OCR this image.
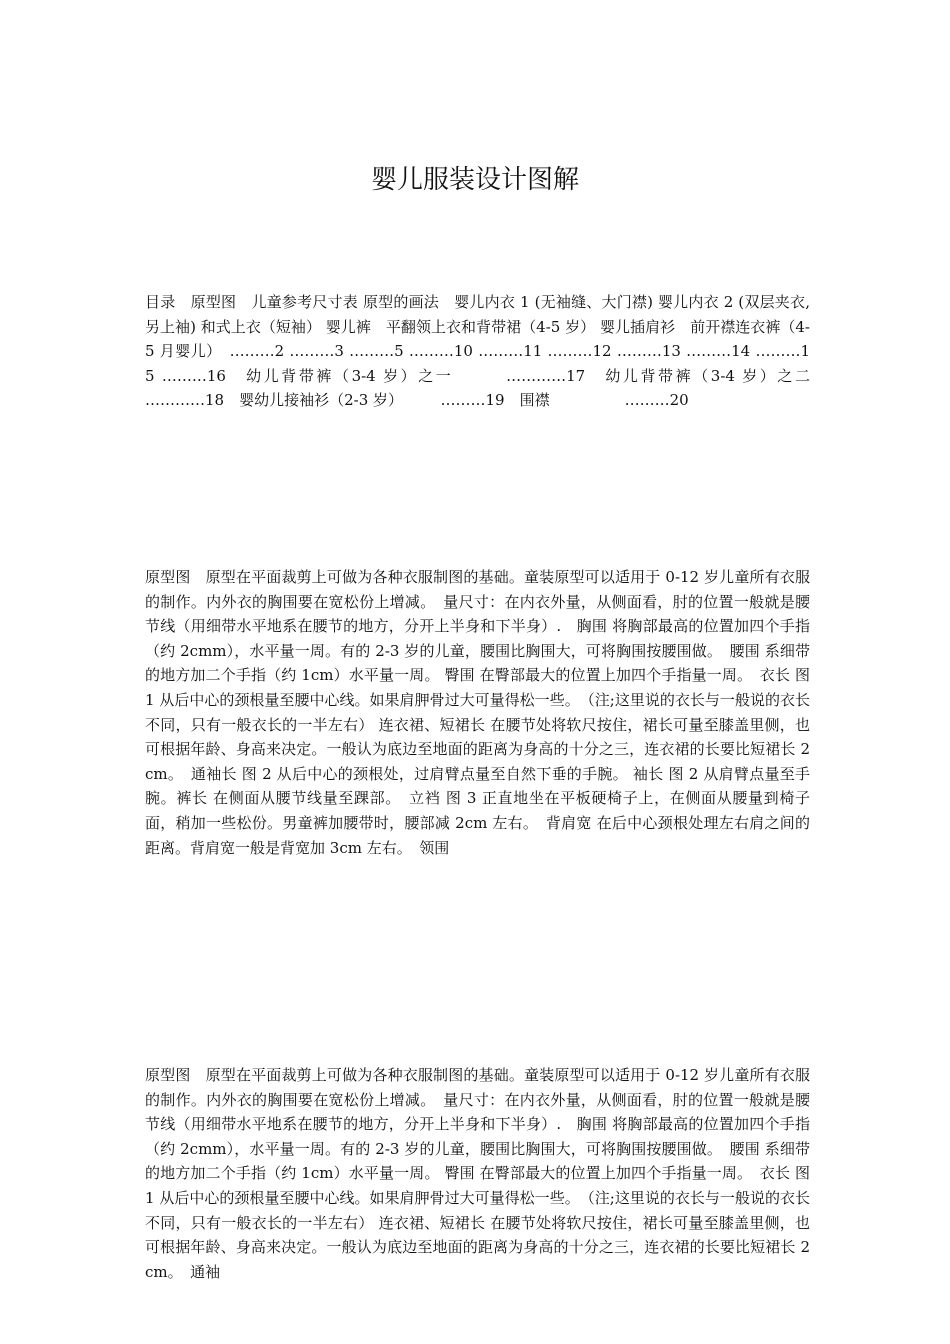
婴儿服装设计图解

目录　原型图　儿童参考尺寸表 原型的画法　婴儿内衣 1 (无袖缝、大门襟) 婴儿内衣 2 (双层夹衣,另上袖) 和式上衣（短袖） 婴儿裤　平翻领上衣和背带裙（4-5 岁） 婴儿插肩衫　前开襟连衣裤（4-5 月婴儿）　………2 ………3 ………5 ………10 ………11 ………12 ………13 ………14 ………15 ………16　幼儿背带裤（3-4 岁）之一　　　…………17　幼儿背带裤（3-4 岁）之二　　　…………18　婴幼儿接袖衫（2-3 岁）　　　………19　围襟　　　　　………20

原型图　原型在平面裁剪上可做为各种衣服制图的基础。童装原型可以适用于 0-12 岁儿童所有衣服的制作。内外衣的胸围要在宽松份上增减。　量尺寸：在内衣外量，从侧面看，肘的位置一般就是腰节线（用细带水平地系在腰节的地方，分开上半身和下半身）.　胸围 将胸部最高的位置加四个手指（约 2cmm），水平量一周。有的 2-3 岁的儿童，腰围比胸围大，可将胸围按腰围做。　腰围 系细带的地方加二个手指（约 1cm）水平量一周。 臀围 在臀部最大的位置上加四个手指量一周。　衣长 图 1 从后中心的颈根量至腰中心线。如果肩胛骨过大可量得松一些。　（注;这里说的衣长与一般说的衣长不同，只有一般衣长的一半左右） 连衣裙、短裙长 在腰节处将软尺按住，裙长可量至膝盖里侧，也可根据年龄、身高来决定。一般认为底边至地面的距离为身高的十分之三，连衣裙的长要比短裙长 2cm。　通袖长 图 2 从后中心的颈根处，过肩臂点量至自然下垂的手腕。 袖长 图 2 从肩臂点量至手腕。裤长 在侧面从腰节线量至踝部。　立裆 图 3 正直地坐在平板硬椅子上，在侧面从腰量到椅子面，稍加一些松份。男童裤加腰带时，腰部减 2cm 左右。　背肩宽 在后中心颈根处理左右肩之间的距离。背肩宽一般是背宽加 3cm 左右。　领围

原型图　原型在平面裁剪上可做为各种衣服制图的基础。童装原型可以适用于 0-12 岁儿童所有衣服的制作。内外衣的胸围要在宽松份上增减。　量尺寸：在内衣外量，从侧面看，肘的位置一般就是腰节线（用细带水平地系在腰节的地方，分开上半身和下半身）.　胸围 将胸部最高的位置加四个手指（约 2cmm），水平量一周。有的 2-3 岁的儿童，腰围比胸围大，可将胸围按腰围做。　腰围 系细带的地方加二个手指（约 1cm）水平量一周。 臀围 在臀部最大的位置上加四个手指量一周。　衣长 图 1 从后中心的颈根量至腰中心线。如果肩胛骨过大可量得松一些。　（注;这里说的衣长与一般说的衣长不同，只有一般衣长的一半左右） 连衣裙、短裙长 在腰节处将软尺按住，裙长可量至膝盖里侧，也可根据年龄、身高来决定。一般认为底边至地面的距离为身高的十分之三，连衣裙的长要比短裙长 2cm。　通袖
